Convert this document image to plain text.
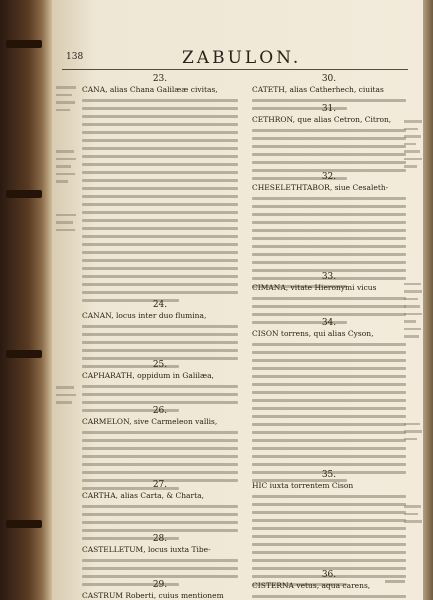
138	ZABULON.
23.
CANA, alias Chana Galilææ civitas,
24.
CANAN, locus inter duo flumina,
25.
CAPHARATH, oppidum in Galilæa,
26.
CARMELON, sive Carmeleon vallis,
27.
CARTHA, alias Carta, & Charta,
28.
CASTELLETUM, locus iuxta Tibe-
29.
CASTRUM Roberti, cuius mentionem
30.
CATETH, alias Catherhech, ciuitas
31.
CETHRON, que alias Cetron, Citron,
32.
CHESELETHTABOR, siue Cesaleth-
33.
CIMANA, vitate Hieronymi vicus
34.
CISON torrens, qui alias Cyson,
35.
HIC iuxta torrentem Cison
36.
CISTERNA vetus, aqua carens,
